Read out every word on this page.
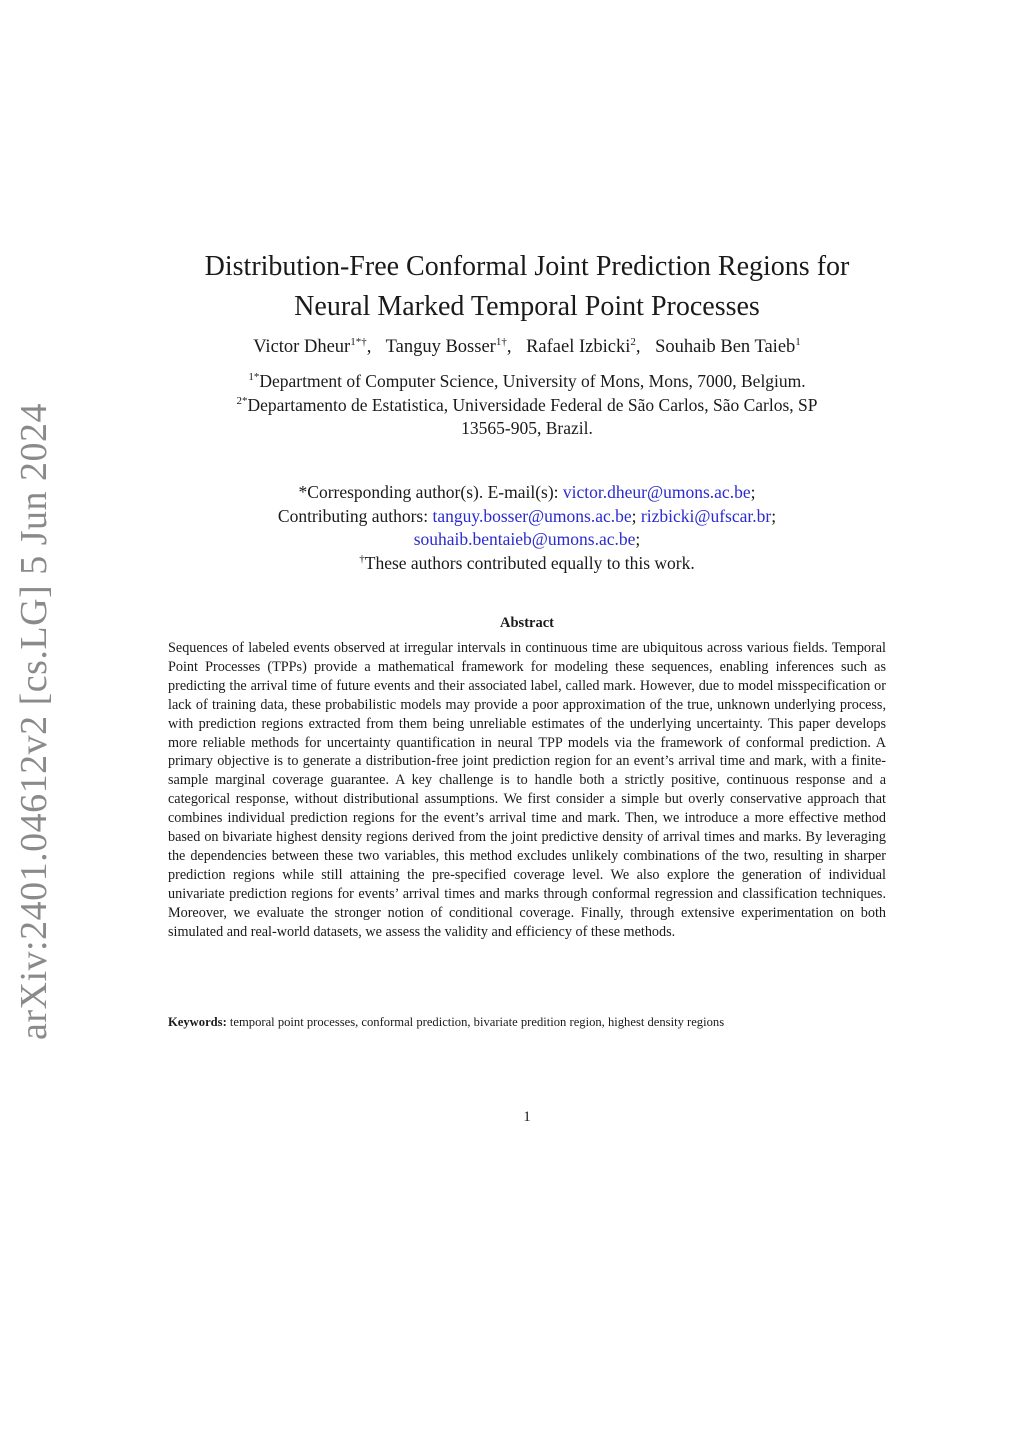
arXiv:2401.04612v2 [cs.LG] 5 Jun 2024
Distribution-Free Conformal Joint Prediction Regions for
Neural Marked Temporal Point Processes
Victor Dheur$^{1*\dagger}$, Tanguy Bosser$^{1\dagger}$, Rafael Izbicki$^2$, Souhaib Ben Taieb$^1$
$^{1*}$Department of Computer Science, University of Mons, Mons, 7000, Belgium.
$^{2*}$Departamento de Estatistica, Universidade Federal de São Carlos, São Carlos, SP
13565-905, Brazil.
*Corresponding author(s). E-mail(s): victor.dheur@umons.ac.be;
Contributing authors: tanguy.bosser@umons.ac.be; rizbicki@ufscar.br;
souhaib.bentaieb@umons.ac.be;
†These authors contributed equally to this work.
Abstract

Sequences of labeled events observed at irregular intervals in continuous time are ubiquitous across various fields. Temporal Point Processes (TPPs) provide a mathematical framework for modeling these sequences, enabling inferences such as predicting the arrival time of future events and their associated label, called mark. However, due to model misspecification or lack of training data, these probabilistic models may provide a poor approximation of the true, unknown underlying process, with prediction regions extracted from them being unreliable estimates of the underlying uncertainty. This paper develops more reliable methods for uncertainty quantification in neural TPP models via the framework of conformal prediction. A primary objective is to generate a distribution-free joint prediction region for an event’s arrival time and mark, with a finite-sample marginal coverage guarantee. A key challenge is to handle both a strictly positive, continuous response and a categorical response, without distributional assumptions. We first consider a simple but overly conservative approach that combines individual prediction regions for the event’s arrival time and mark. Then, we introduce a more effective method based on bivariate highest density regions derived from the joint predictive density of arrival times and marks. By leveraging the dependencies between these two variables, this method excludes unlikely combinations of the two, resulting in sharper prediction regions while still attaining the pre-specified coverage level. We also explore the generation of individual univariate prediction regions for events’ arrival times and marks through conformal regression and classification techniques. Moreover, we evaluate the stronger notion of conditional coverage. Finally, through extensive experimentation on both simulated and real-world datasets, we assess the validity and efficiency of these methods.

Keywords: temporal point processes, conformal prediction, bivariate predition region, highest density regions
1
